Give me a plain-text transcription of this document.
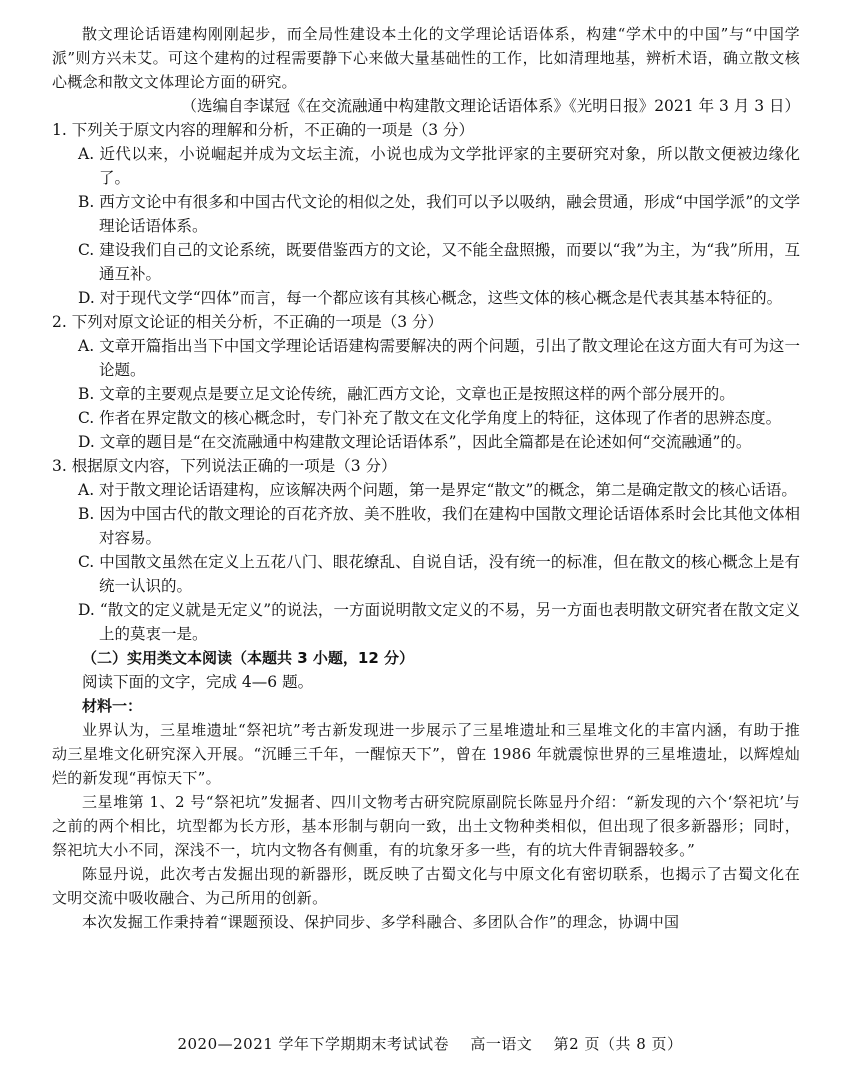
散文理论话语建构刚刚起步，而全局性建设本土化的文学理论话语体系，构建“学术中的中国”与“中国学派”则方兴未艾。可这个建构的过程需要静下心来做大量基础性的工作，比如清理地基，辨析术语，确立散文核心概念和散文文体理论方面的研究。

（选编自李谋冠《在交流融通中构建散文理论话语体系》《光明日报》2021 年 3 月 3 日）

1. 下列关于原文内容的理解和分析，不正确的一项是（3 分）

A. 近代以来，小说崛起并成为文坛主流，小说也成为文学批评家的主要研究对象，所以散文便被边缘化了。

B. 西方文论中有很多和中国古代文论的相似之处，我们可以予以吸纳，融会贯通，形成“中国学派”的文学理论话语体系。

C. 建设我们自己的文论系统，既要借鉴西方的文论，又不能全盘照搬，而要以“我”为主，为“我”所用，互通互补。

D. 对于现代文学“四体”而言，每一个都应该有其核心概念，这些文体的核心概念是代表其基本特征的。

2. 下列对原文论证的相关分析，不正确的一项是（3 分）

A. 文章开篇指出当下中国文学理论话语建构需要解决的两个问题，引出了散文理论在这方面大有可为这一论题。

B. 文章的主要观点是要立足文论传统，融汇西方文论，文章也正是按照这样的两个部分展开的。

C. 作者在界定散文的核心概念时，专门补充了散文在文化学角度上的特征，这体现了作者的思辨态度。

D. 文章的题目是“在交流融通中构建散文理论话语体系”，因此全篇都是在论述如何“交流融通”的。

3. 根据原文内容，下列说法正确的一项是（3 分）

A. 对于散文理论话语建构，应该解决两个问题，第一是界定“散文”的概念，第二是确定散文的核心话语。

B. 因为中国古代的散文理论的百花齐放、美不胜收，我们在建构中国散文理论话语体系时会比其他文体相对容易。

C. 中国散文虽然在定义上五花八门、眼花缭乱、自说自话，没有统一的标准，但在散文的核心概念上是有统一认识的。

D. “散文的定义就是无定义”的说法，一方面说明散文定义的不易，另一方面也表明散文研究者在散文定义上的莫衷一是。

（二）实用类文本阅读（本题共 3 小题，12 分）

阅读下面的文字，完成 4—6 题。

材料一：

业界认为，三星堆遗址“祭祀坑”考古新发现进一步展示了三星堆遗址和三星堆文化的丰富内涵，有助于推动三星堆文化研究深入开展。“沉睡三千年，一醒惊天下”，曾在 1986 年就震惊世界的三星堆遗址，以辉煌灿烂的新发现“再惊天下”。

三星堆第 1、2 号“祭祀坑”发掘者、四川文物考古研究院原副院长陈显丹介绍：“新发现的六个‘祭祀坑’与之前的两个相比，坑型都为长方形，基本形制与朝向一致，出土文物种类相似，但出现了很多新器形；同时，祭祀坑大小不同，深浅不一，坑内文物各有侧重，有的坑象牙多一些，有的坑大件青铜器较多。”

陈显丹说，此次考古发掘出现的新器形，既反映了古蜀文化与中原文化有密切联系，也揭示了古蜀文化在文明交流中吸收融合、为己所用的创新。

本次发掘工作秉持着“课题预设、保护同步、多学科融合、多团队合作”的理念，协调中国

2020—2021 学年下学期期末考试试卷 高一语文 第2 页（共 8 页）
